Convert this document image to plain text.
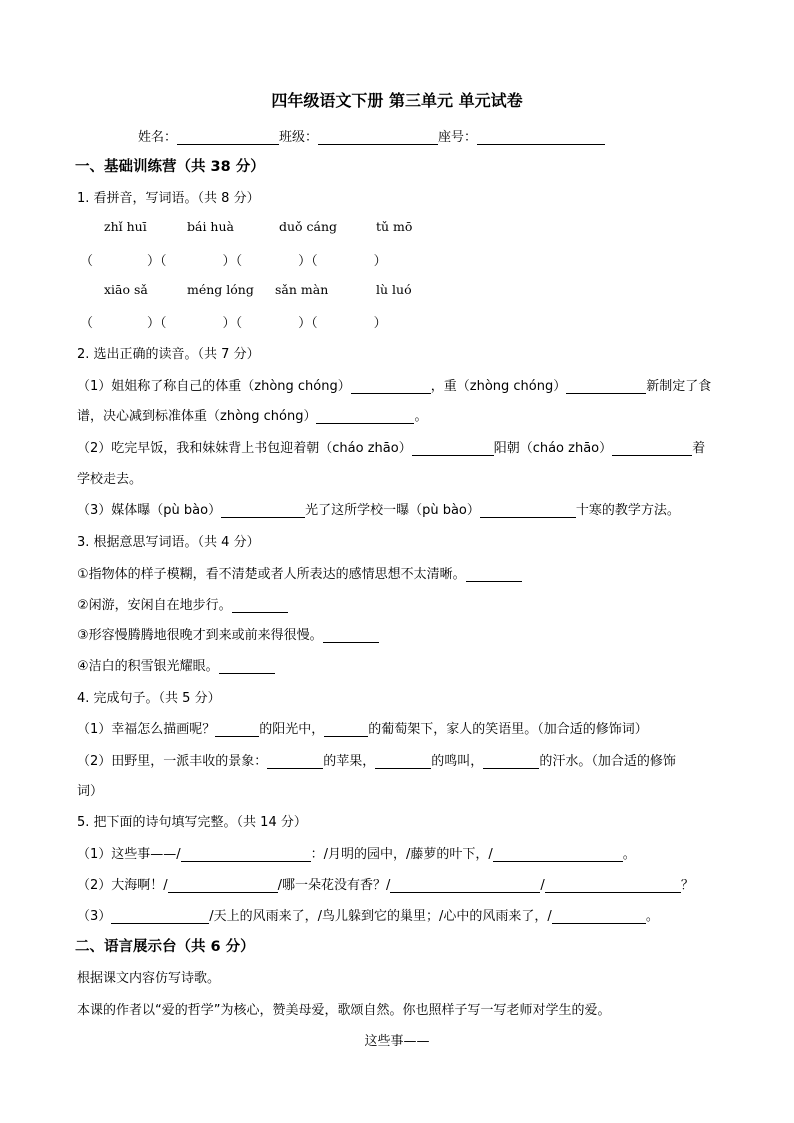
四年级语文下册 第三单元 单元试卷
姓名：	班级：	座号：
一、基础训练营（共 38 分）
1. 看拼音，写词语。（共 8 分）
zhǐ huī	bái huà	duǒ cáng	tǔ mō
（	）（	）（	）（	）
xiāo sǎ	méng lóng sǎn màn	lù luó
（	）（	）（	）（	）
2. 选出正确的读音。（共 7 分）
（1）姐姐称了称自己的体重（zhòng chóng）	，重（zhòng chóng）	新制定了食
谱，决心减到标准体重（zhòng chóng）	。
（2）吃完早饭，我和妹妹背上书包迎着朝（cháo zhāo）	阳朝（cháo zhāo）	着
学校走去。
（3）媒体曝（pù bào）	光了这所学校一曝（pù bào）	十寒的教学方法。
3. 根据意思写词语。（共 4 分）
①指物体的样子模糊，看不清楚或者人所表达的感情思想不太清晰。
②闲游，安闲自在地步行。
③形容慢腾腾地很晚才到来或前来得很慢。
④洁白的积雪银光耀眼。
4. 完成句子。（共 5 分）
（1）幸福怎么描画呢？	的阳光中，	的葡萄架下，家人的笑语里。（加合适的修饰词）
（2）田野里，一派丰收的景象：	的苹果，	的鸣叫，	的汗水。（加合适的修饰
词）
5. 把下面的诗句填写完整。（共 14 分）
（1）这些事——/	：/月明的园中，/藤萝的叶下，/	。
（2）大海啊！/	/哪一朵花没有香？/	/	？
（3）	/天上的风雨来了，/鸟儿躲到它的巢里；/心中的风雨来了，/	。
二、语言展示台（共 6 分）
根据课文内容仿写诗歌。
本课的作者以“爱的哲学”为核心，赞美母爱，歌颂自然。你也照样子写一写老师对学生的爱。
这些事——
